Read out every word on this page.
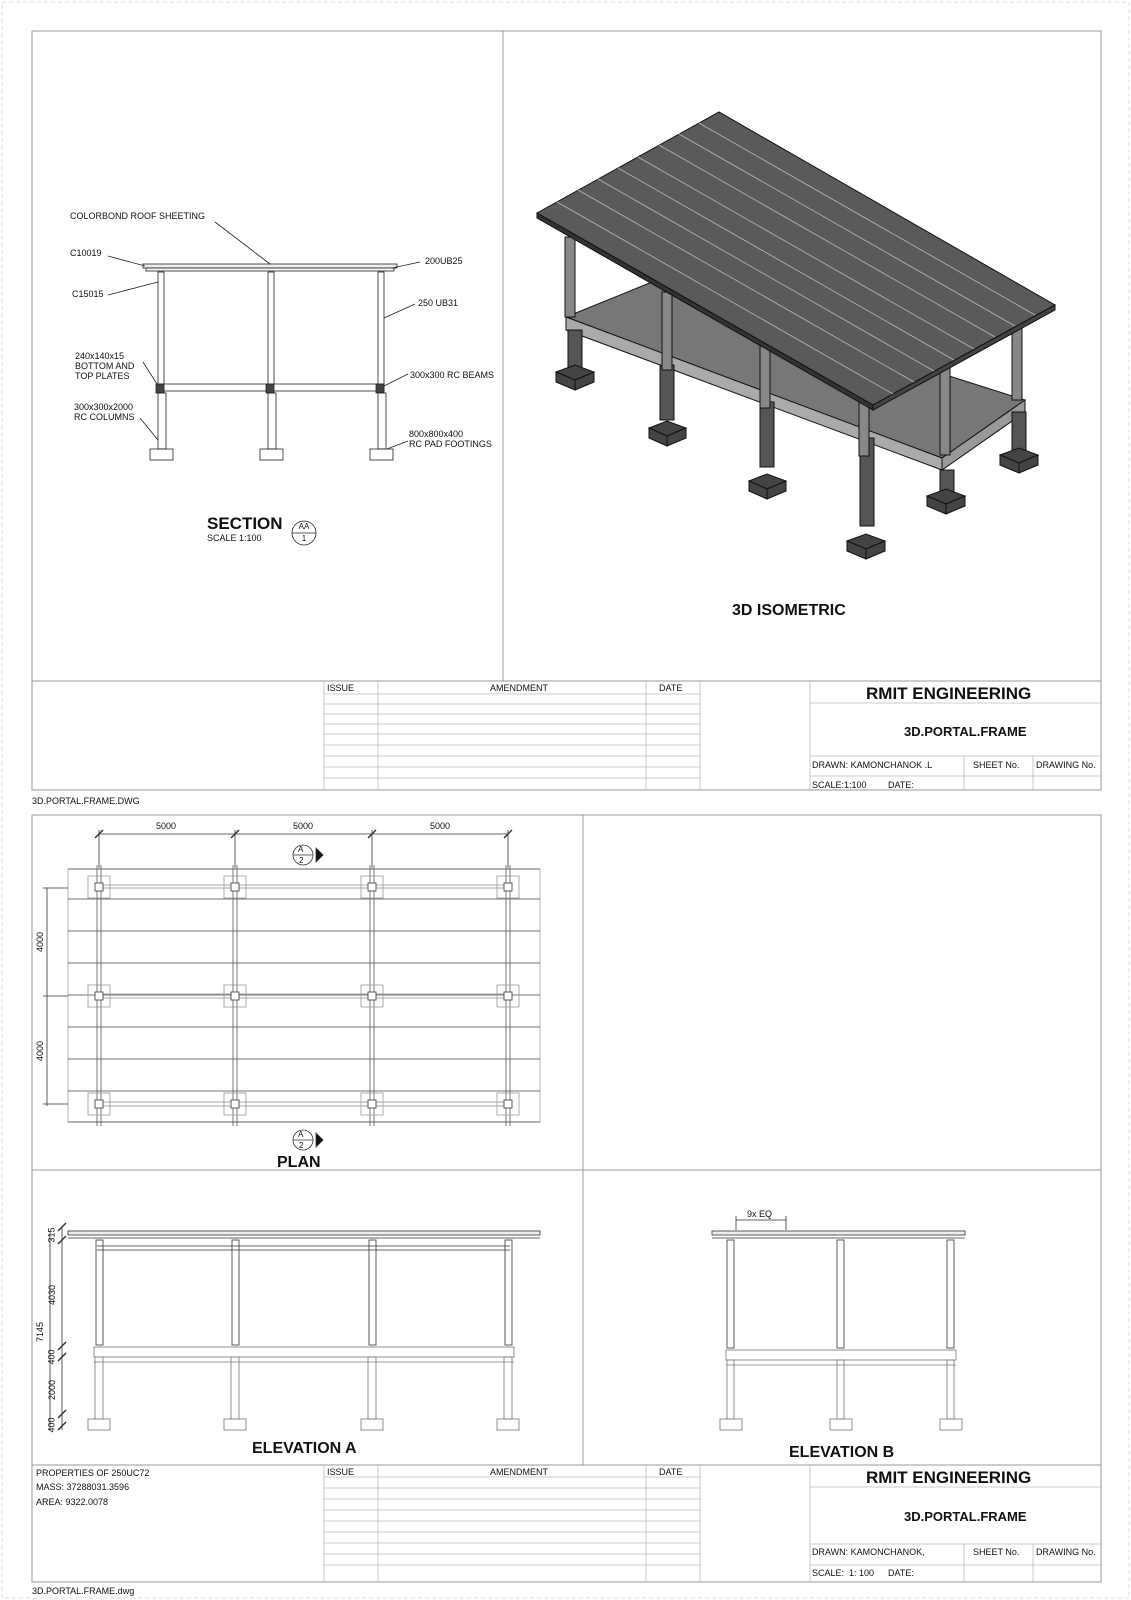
COLORBOND ROOF SHEETING
C10019
200UB25
C15015
250 UB31
240x140x15
BOTTOM AND
TOP PLATES	300x300 RC BEAMS
300x300x2000
RC COLUMNS
800x800x400
RC PAD FOOTINGS
SECTION
SCALE 1:100
AA
1
3D ISOMETRIC
ISSUE	AMENDMENT	DATE	RMIT ENGINEERING
3D.PORTAL.FRAME
DRAWN: KAMONCHANOK .L	SHEET No. DRAWING No.
SCALE:1:100 DATE:
3D.PORTAL.FRAME.DWG
5000	5000	5000
4000
4000
A
2
A
2
PLAN
315
4030
400
2000
400
7145
ELEVATION A
9x EQ
ELEVATION B
PROPERTIES OF 250UC72
MASS: 37288031.3596
AREA: 9322.0078
ISSUE	AMENDMENT	DATE	RMIT ENGINEERING
3D.PORTAL.FRAME
DRAWN: KAMONCHANOK,	SHEET No. DRAWING No.
SCALE:  1: 100 DATE:
3D.PORTAL.FRAME.dwg
